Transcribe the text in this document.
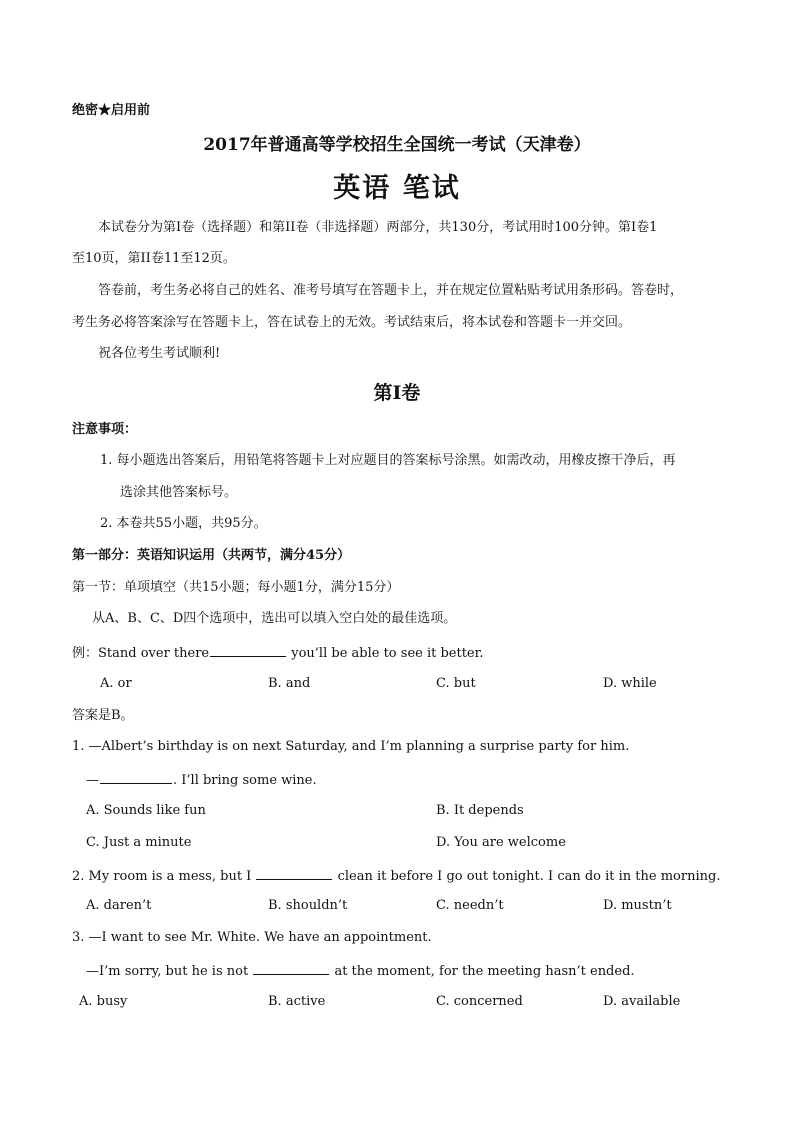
绝密★启用前
2017年普通高等学校招生全国统一考试（天津卷）
英语 笔试
本试卷分为第I卷（选择题）和第II卷（非选择题）两部分，共130分，考试用时100分钟。第I卷1
至10页，第II卷11至12页。
答卷前，考生务必将自己的姓名、准考号填写在答题卡上，并在规定位置粘贴考试用条形码。答卷时，
考生务必将答案涂写在答题卡上，答在试卷上的无效。考试结束后，将本试卷和答题卡一并交回。
祝各位考生考试顺利!
第I卷
注意事项：
1. 每小题选出答案后，用铅笔将答题卡上对应题目的答案标号涂黑。如需改动，用橡皮擦干净后，再
选涂其他答案标号。
2. 本卷共55小题，共95分。
第一部分：英语知识运用（共两节，满分45分）
第一节：单项填空（共15小题；每小题1分，满分15分）
从A、B、C、D四个选项中，选出可以填入空白处的最佳选项。
例：Stand over there	you’ll be able to see it better.
A. or	B. and	C. but	D. while
答案是B。
1. —Albert’s birthday is on next Saturday, and I’m planning a surprise party for him.
—	. I’ll bring some wine.
A. Sounds like fun	B. It depends
C. Just a minute	D. You are welcome
2. My room is a mess, but I	clean it before I go out tonight. I can do it in the morning.
A. daren’t	B. shouldn’t	C. needn’t	D. mustn’t
3. —I want to see Mr. White. We have an appointment.
—I’m sorry, but he is not	at the moment, for the meeting hasn’t ended.
A. busy	B. active	C. concerned	D. available
